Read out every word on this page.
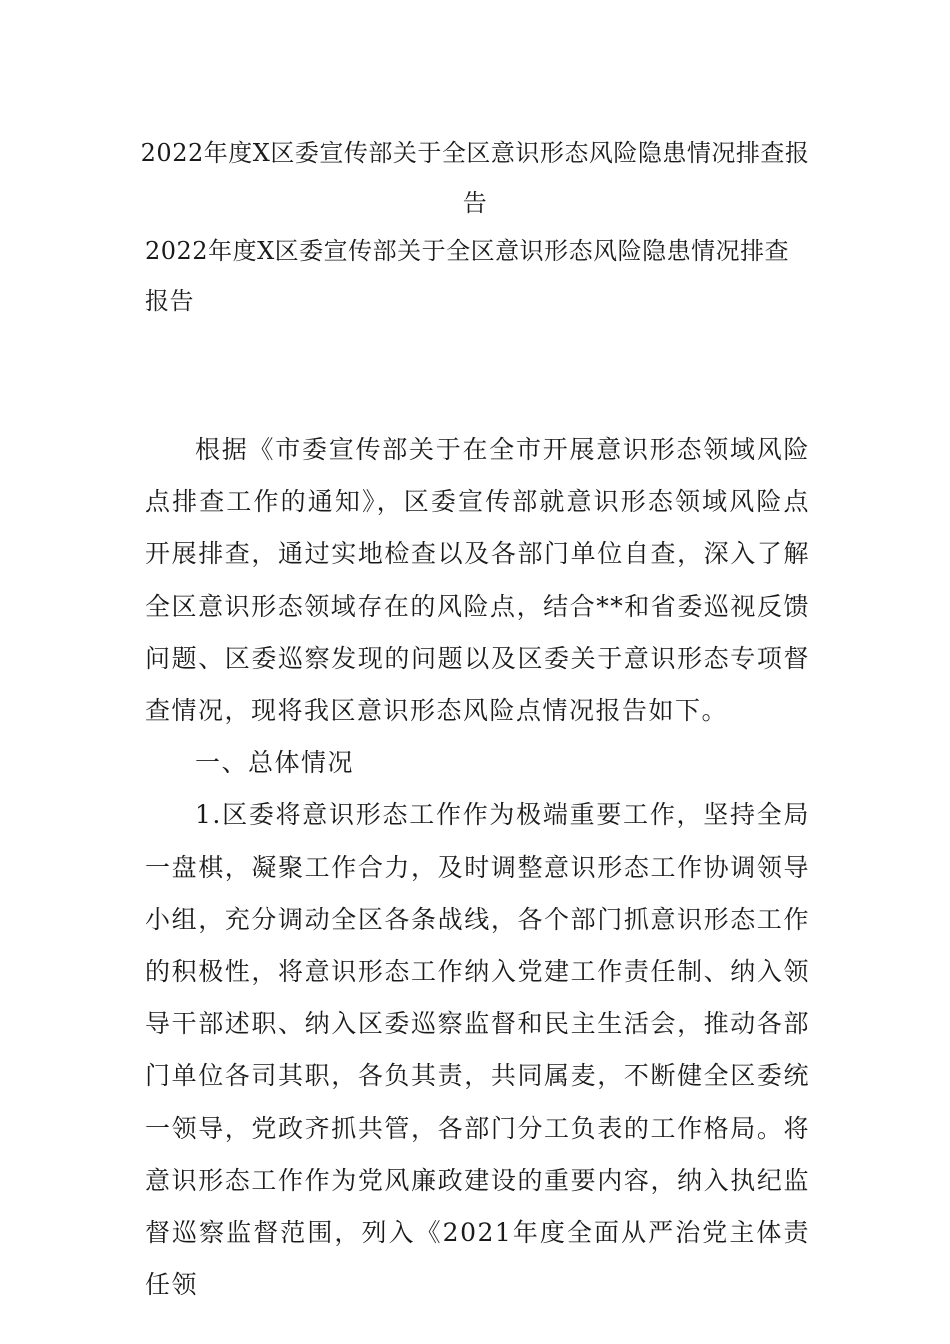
2022年度X区委宣传部关于全区意识形态风险隐患情况排查报告
2022年度X区委宣传部关于全区意识形态风险隐患情况排查报告

根据《市委宣传部关于在全市开展意识形态领域风险点排查工作的通知》，区委宣传部就意识形态领域风险点开展排查，通过实地检查以及各部门单位自查，深入了解全区意识形态领域存在的风险点，结合**和省委巡视反馈问题、区委巡察发现的问题以及区委关于意识形态专项督查情况，现将我区意识形态风险点情况报告如下。

一、总体情况

1.区委将意识形态工作作为极端重要工作，坚持全局一盘棋，凝聚工作合力，及时调整意识形态工作协调领导小组，充分调动全区各条战线，各个部门抓意识形态工作的积极性，将意识形态工作纳入党建工作责任制、纳入领导干部述职、纳入区委巡察监督和民主生活会，推动各部门单位各司其职，各负其责，共同属麦，不断健全区委统一领导，党政齐抓共管，各部门分工负表的工作格局。将意识形态工作作为党风廉政建设的重要内容，纳入执纪监督巡察监督范围，列入《2021年度全面从严治党主体责任领
